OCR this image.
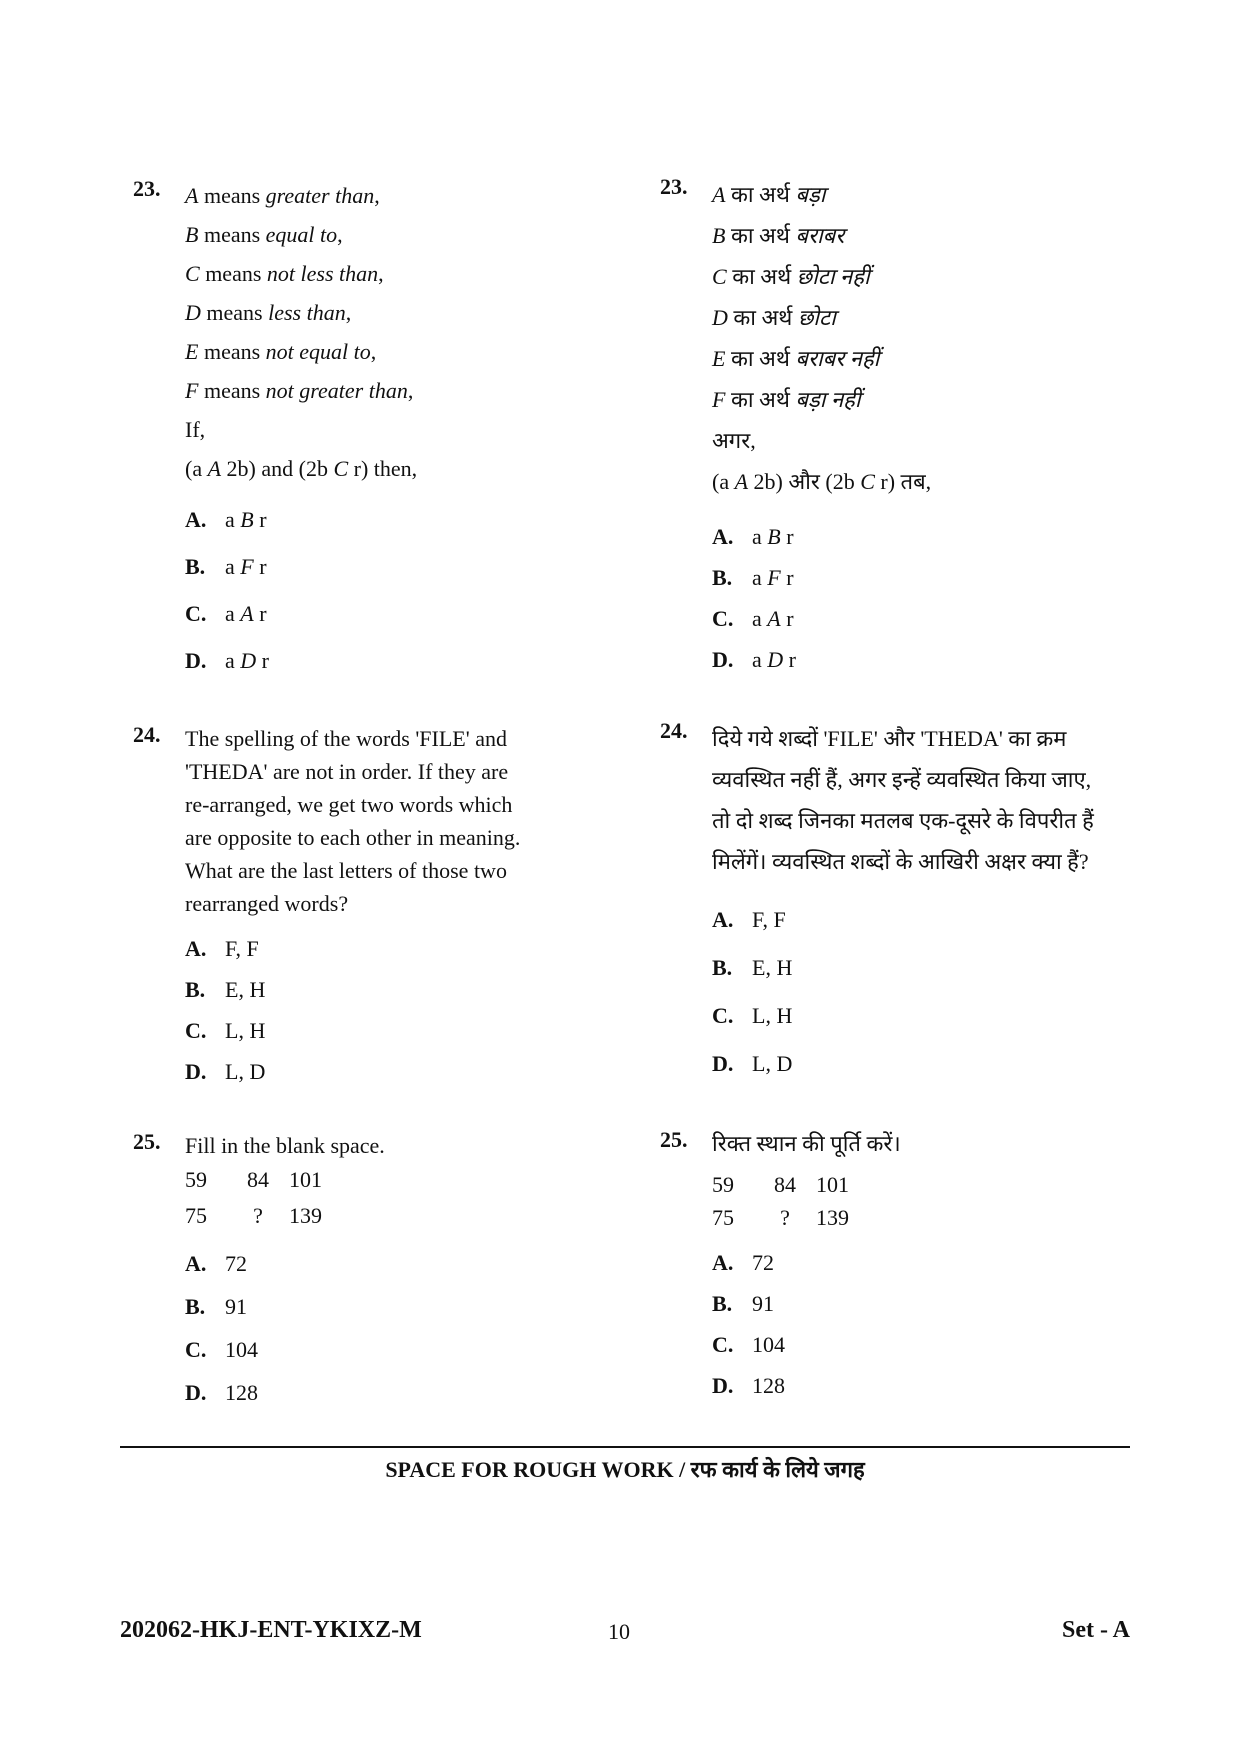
23. A means greater than,
B means equal to,
C means not less than,
D means less than,
E means not equal to,
F means not greater than,
If,
(a A 2b) and (2b C r) then,
A. a B r
B. a F r
C. a A r
D. a D r
24. The spelling of the words 'FILE' and
'THEDA' are not in order. If they are
re-arranged, we get two words which
are opposite to each other in meaning.
What are the last letters of those two
rearranged words?
A. F, F
B. E, H
C. L, H
D. L, D
25. Fill in the blank space.
59 84 101
75 ? 139
A. 72
B. 91
C. 104
D. 128
23. A का अर्थ बड़ा
B का अर्थ बराबर
C का अर्थ छोटा नहीं
D का अर्थ छोटा
E का अर्थ बराबर नहीं
F का अर्थ बड़ा नहीं
अगर,
(a A 2b) और (2b C r) तब,
A. a B r
B. a F r
C. a A r
D. a D r
24. दिये गये शब्दों 'FILE' और 'THEDA' का क्रम
व्यवस्थित नहीं हैं, अगर इन्हें व्यवस्थित किया जाए,
तो दो शब्द जिनका मतलब एक-दूसरे के विपरीत हैं
मिलेंगें। व्यवस्थित शब्दों के आखिरी अक्षर क्या हैं?
A. F, F
B. E, H
C. L, H
D. L, D
25. रिक्त स्थान की पूर्ति करें।
59 84 101
75 ? 139
A. 72
B. 91
C. 104
D. 128
SPACE FOR ROUGH WORK / रफ कार्य के लिये जगह
202062-HKJ-ENT-YKIXZ-M	10	Set - A
